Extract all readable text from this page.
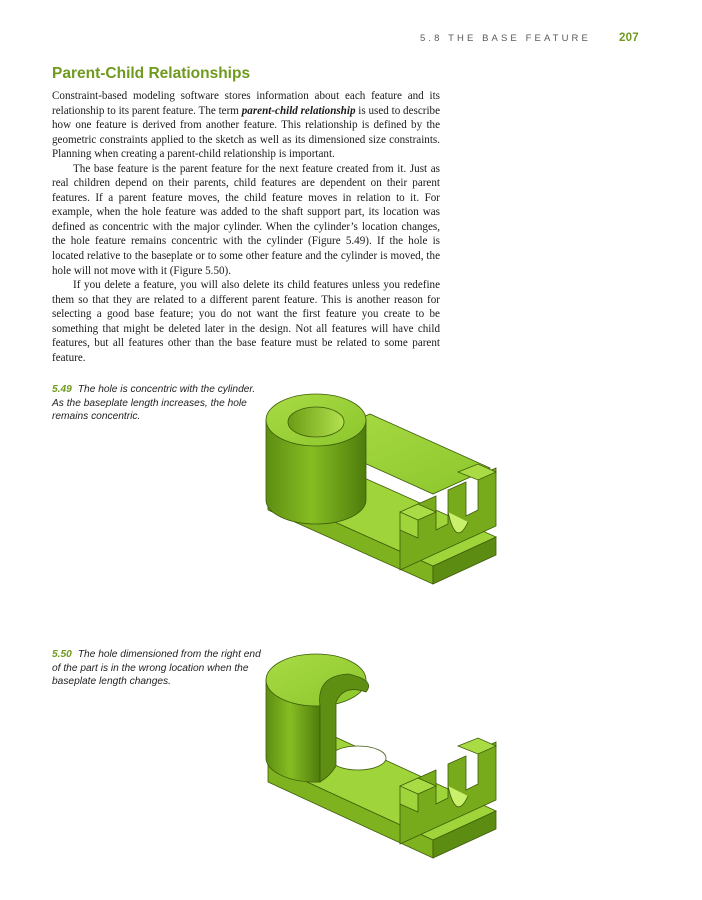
5.8 THE BASE FEATURE	207
Parent-Child Relationships

Constraint-based modeling software stores information about each feature and its relationship to its parent feature. The term parent-child relationship is used to describe how one feature is derived from another feature. This relationship is defined by the geometric constraints applied to the sketch as well as its dimensioned size constraints. Planning when creating a parent-child relationship is important.

The base feature is the parent feature for the next feature created from it. Just as real children depend on their parents, child features are dependent on their parent features. If a parent feature moves, the child feature moves in relation to it. For example, when the hole feature was added to the shaft support part, its location was defined as concentric with the major cylinder. When the cylinder’s location changes, the hole feature remains concentric with the cylinder (Figure 5.49). If the hole is located relative to the baseplate or to some other feature and the cylinder is moved, the hole will not move with it (Figure 5.50).

If you delete a feature, you will also delete its child features unless you redefine them so that they are related to a different parent feature. This is another reason for selecting a good base feature; you do not want the first feature you create to be something that might be deleted later in the design. Not all features will have child features, but all features other than the base feature must be related to some parent feature.

5.49 The hole is concentric with the cylinder. As the baseplate length increases, the hole remains concentric.
5.50 The hole dimensioned from the right end of the part is in the wrong location when the baseplate length changes.
